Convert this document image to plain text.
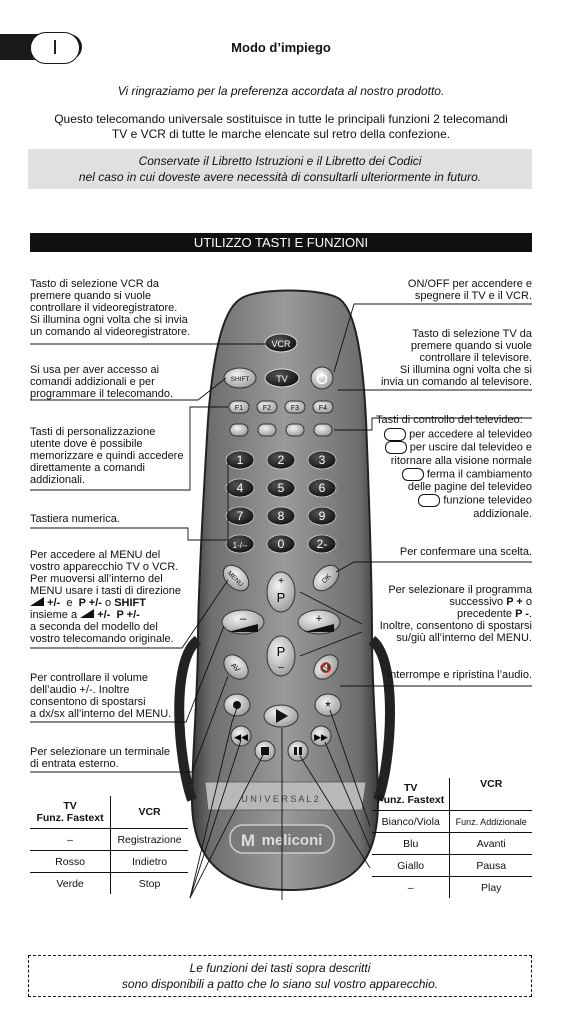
I	Modo d’impiego
Vi ringraziamo per la preferenza accordata al nostro prodotto.
Questo telecomando universale sostituisce in tutte le principali funzioni 2 telecomandi
TV e VCR di tutte le marche elencate sul retro della confezione.
Conservate il Libretto Istruzioni e il Libretto dei Codici
nel caso in cui doveste avere necessità di consultarli ulteriormente in futuro.
UTILIZZO TASTI E FUNZIONI
U N I V E R S A L 2
meliconi
M
VCR
SHIFT	TV
F1	F2	F3	F4
1	2	3
4	5	6
7	8	9
1-/--	0	2-
MENU	OK
+
P
–	+
P
–
AV	🔇
*
◀◀	▶▶
Tasto di selezione VCR da
premere quando si vuole
controllare il videoregistratore.
Si illumina ogni volta che si invia
un comando al videoregistratore.
Si usa per aver accesso ai
comandi addizionali e per
programmare il telecomando.
Tasti di personalizzazione
utente dove è possibile
memorizzare e quindi accedere
direttamente a comandi
addizionali.
Tastiera numerica.
Per accedere al MENU del
vostro apparecchio TV o VCR.
Per muoversi all’interno del
MENU usare i tasti di direzione
+/- e P +/- o SHIFT
insieme a +/- P +/-
a seconda del modello del
vostro telecomando originale.
Per controllare il volume
dell’audio +/-. Inoltre
consentono di spostarsi
a dx/sx all’interno del MENU.
Per selezionare un terminale
di entrata esterno.
ON/OFF per accendere e
spegnere il TV e il VCR.
Tasto di selezione TV da
premere quando si vuole
controllare il televisore.
Si illumina ogni volta che si
invia un comando al televisore.
Tasti di controllo del televideo:
per accedere al televideo
per uscire dal televideo e
ritornare alla visione normale
ferma il cambiamento
delle pagine del televideo
funzione televideo
addizionale.
Per confermare una scelta.
Per selezionare il programma
successivo P + o
precedente P -.
Inoltre, consentono di spostarsi
su/giù all’interno del MENU.
Interrompe e ripristina l’audio.
TV
Funz. Fastext	VCR
–	Registrazione
Rosso	Indietro
Verde	Stop
TV
Funz. Fastext	VCR
Bianco/Viola	Funz. Addizionale
Blu	Avanti
Giallo	Pausa
–	Play
Le funzioni dei tasti sopra descritti
sono disponibili a patto che lo siano sul vostro apparecchio.
